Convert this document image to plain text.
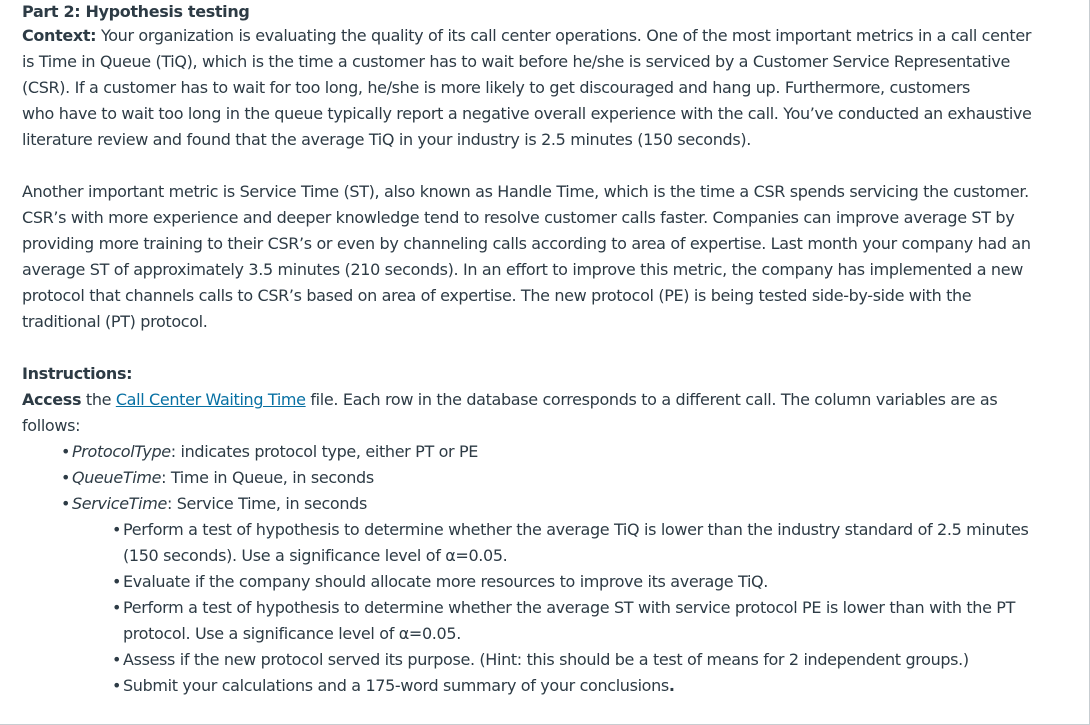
Part 2: Hypothesis testing

Context: Your organization is evaluating the quality of its call center operations. One of the most important metrics in a call center
is Time in Queue (TiQ), which is the time a customer has to wait before he/she is serviced by a Customer Service Representative
(CSR). If a customer has to wait for too long, he/she is more likely to get discouraged and hang up. Furthermore, customers
who have to wait too long in the queue typically report a negative overall experience with the call. You’ve conducted an exhaustive
literature review and found that the average TiQ in your industry is 2.5 minutes (150 seconds).

Another important metric is Service Time (ST), also known as Handle Time, which is the time a CSR spends servicing the customer.
CSR’s with more experience and deeper knowledge tend to resolve customer calls faster. Companies can improve average ST by
providing more training to their CSR’s or even by channeling calls according to area of expertise. Last month your company had an
average ST of approximately 3.5 minutes (210 seconds). In an effort to improve this metric, the company has implemented a new
protocol that channels calls to CSR’s based on area of expertise. The new protocol (PE) is being tested side-by-side with the
traditional (PT) protocol.

Instructions:

Access the Call Center Waiting Time file. Each row in the database corresponds to a different call. The column variables are as
follows:

• ProtocolType: indicates protocol type, either PT or PE
• QueueTime: Time in Queue, in seconds
• ServiceTime: Service Time, in seconds
• Perform a test of hypothesis to determine whether the average TiQ is lower than the industry standard of 2.5 minutes
(150 seconds). Use a significance level of α=0.05.
• Evaluate if the company should allocate more resources to improve its average TiQ.
• Perform a test of hypothesis to determine whether the average ST with service protocol PE is lower than with the PT
protocol. Use a significance level of α=0.05.
• Assess if the new protocol served its purpose. (Hint: this should be a test of means for 2 independent groups.)
• Submit your calculations and a 175-word summary of your conclusions.
